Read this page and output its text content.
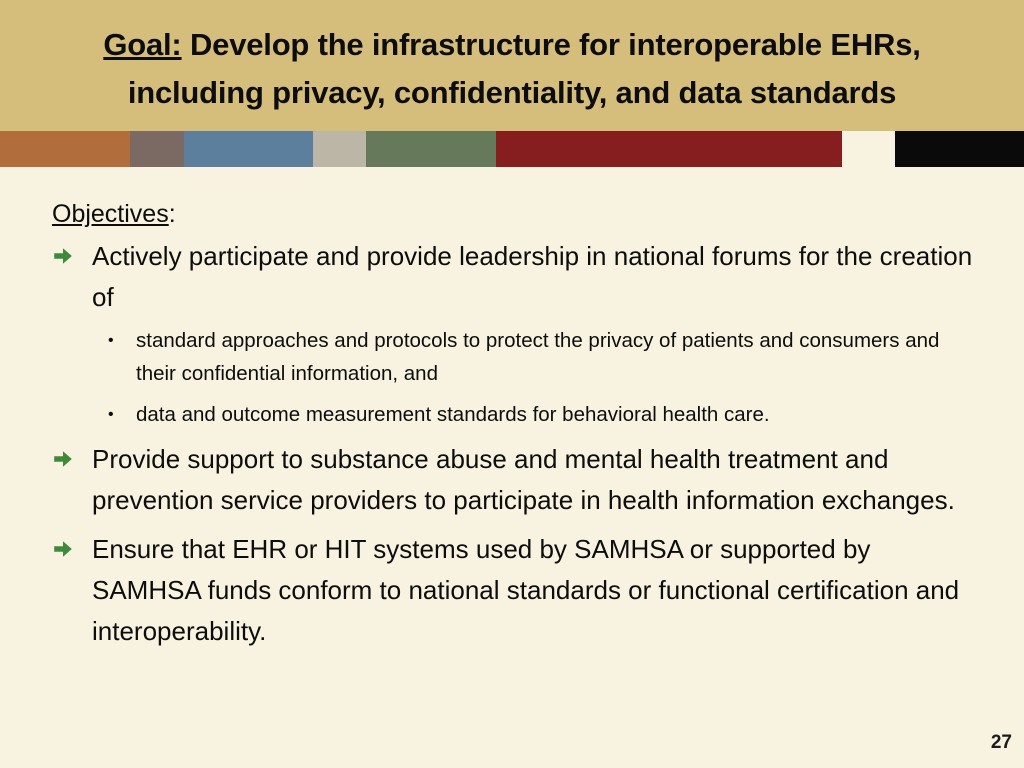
Goal: Develop the infrastructure for interoperable EHRs,
including privacy, confidentiality, and data standards

Objectives:

Actively participate and provide leadership in national forums for the creation of
• standard approaches and protocols to protect the privacy of patients and consumers and their confidential information, and
• data and outcome measurement standards for behavioral health care.
Provide support to substance abuse and mental health treatment and prevention service providers to participate in health information exchanges.
Ensure that EHR or HIT systems used by SAMHSA or supported by SAMHSA funds conform to national standards or functional certification and interoperability.
27
